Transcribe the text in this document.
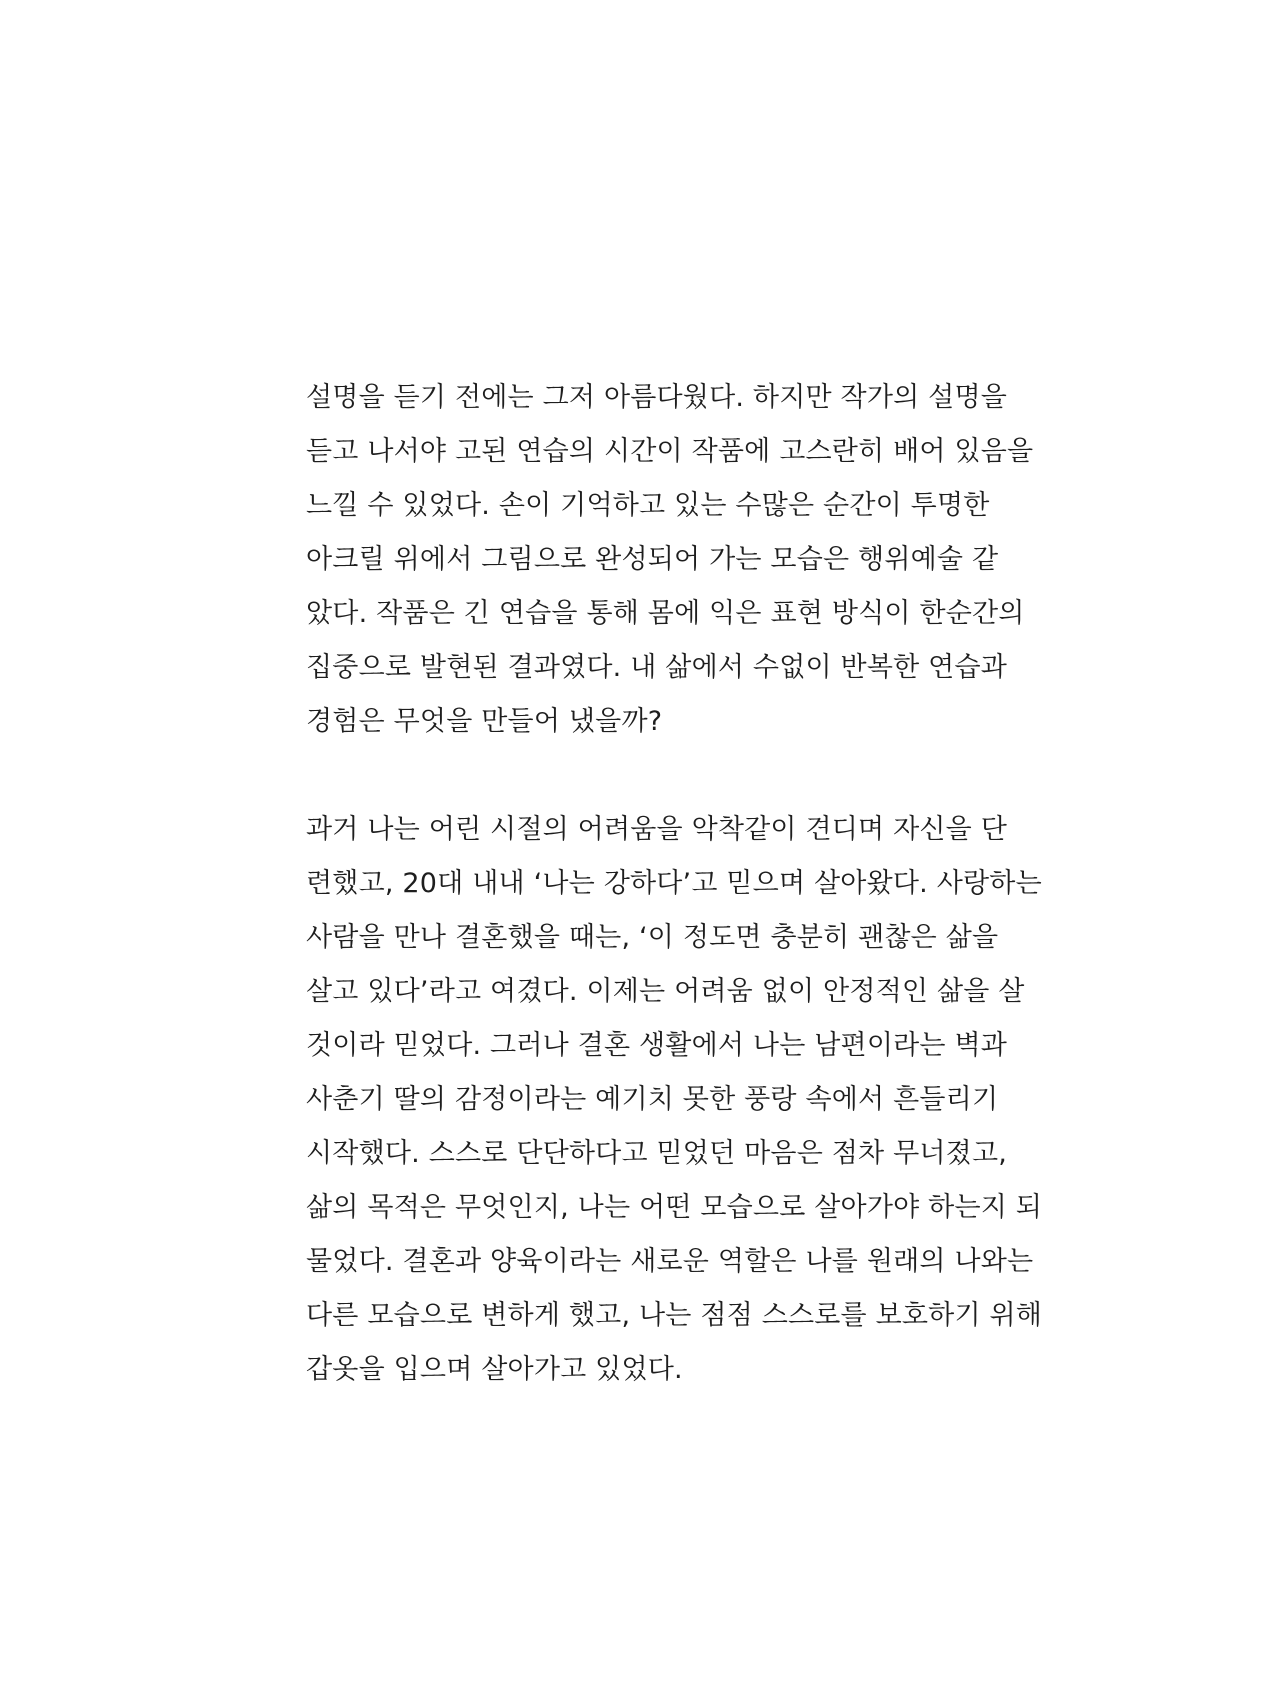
설명을 듣기 전에는 그저 아름다웠다. 하지만 작가의 설명을
듣고 나서야 고된 연습의 시간이 작품에 고스란히 배어 있음을
느낄 수 있었다. 손이 기억하고 있는 수많은 순간이 투명한
아크릴 위에서 그림으로 완성되어 가는 모습은 행위예술 같
았다. 작품은 긴 연습을 통해 몸에 익은 표현 방식이 한순간의
집중으로 발현된 결과였다. 내 삶에서 수없이 반복한 연습과
경험은 무엇을 만들어 냈을까?
과거 나는 어린 시절의 어려움을 악착같이 견디며 자신을 단
련했고, 20대 내내 ‘나는 강하다’고 믿으며 살아왔다. 사랑하는
사람을 만나 결혼했을 때는, ‘이 정도면 충분히 괜찮은 삶을
살고 있다’라고 여겼다. 이제는 어려움 없이 안정적인 삶을 살
것이라 믿었다. 그러나 결혼 생활에서 나는 남편이라는 벽과
사춘기 딸의 감정이라는 예기치 못한 풍랑 속에서 흔들리기
시작했다. 스스로 단단하다고 믿었던 마음은 점차 무너졌고,
삶의 목적은 무엇인지, 나는 어떤 모습으로 살아가야 하는지 되
물었다. 결혼과 양육이라는 새로운 역할은 나를 원래의 나와는
다른 모습으로 변하게 했고, 나는 점점 스스로를 보호하기 위해
갑옷을 입으며 살아가고 있었다.
